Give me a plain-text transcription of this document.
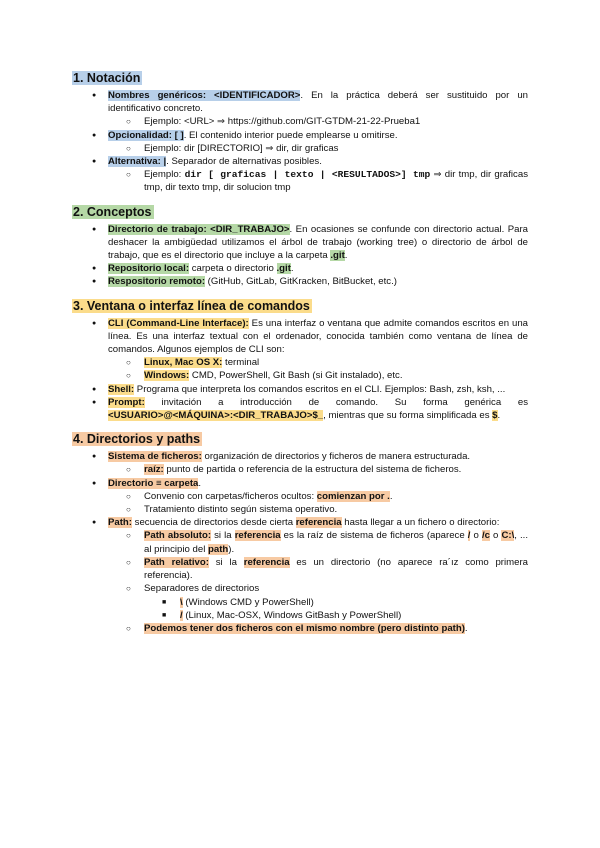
1. Notación
● Nombres genéricos: <IDENTIFICADOR>. En la práctica deberá ser sustituido por un identificativo concreto.
○ Ejemplo: <URL> ⇒ https://github.com/GIT-GTDM-21-22-Prueba1
● Opcionalidad: [ ]. El contenido interior puede emplearse u omitirse.
○ Ejemplo: dir [DIRECTORIO] ⇒ dir, dir graficas
● Alternativa: |. Separador de alternativas posibles.
○ Ejemplo: dir [ graficas | texto | <RESULTADOS>] tmp ⇒ dir tmp, dir graficas tmp, dir texto tmp, dir solucion tmp
2. Conceptos
● Directorio de trabajo: <DIR_TRABAJO>. En ocasiones se confunde con directorio actual. Para deshacer la ambigüedad utilizamos el árbol de trabajo (working tree) o directorio de árbol de trabajo, que es el directorio que incluye a la carpeta .git.
● Repositorio local: carpeta o directorio .git.
● Respositorio remoto: (GitHub, GitLab, GitKracken, BitBucket, etc.)
3. Ventana o interfaz línea de comandos
● CLI (Command-Line Interface): Es una interfaz o ventana que admite comandos escritos en una línea. Es una interfaz textual con el ordenador, conocida también como ventana de línea de comandos. Algunos ejemplos de CLI son:
○ Linux, Mac OS X: terminal
○ Windows: CMD, PowerShell, Git Bash (si Git instalado), etc.
● Shell: Programa que interpreta los comandos escritos en el CLI. Ejemplos: Bash, zsh, ksh, ...
● Prompt: invitación a introducción de comando. Su forma genérica es <USUARIO>@<MÁQUINA>:<DIR_TRABAJO>$_, mientras que su forma simplificada es $.
4. Directorios y paths
● Sistema de ficheros: organización de directorios y ficheros de manera estructurada.
○ raíz: punto de partida o referencia de la estructura del sistema de ficheros.
● Directorio ≡ carpeta.
○ Convenio con carpetas/ficheros ocultos: comienzan por ..
○ Tratamiento distinto según sistema operativo.
● Path: secuencia de directorios desde cierta referencia hasta llegar a un fichero o directorio:
○ Path absoluto: si la referencia es la raíz de sistema de ficheros (aparece / o /c o C:\, ... al principio del path).
○ Path relativo: si la referencia es un directorio (no aparece ra´ız como primera referencia).
○ Separadores de directorios
■ \ (Windows CMD y PowerShell)
■ / (Linux, Mac-OSX, Windows GitBash y PowerShell)
○ Podemos tener dos ficheros con el mismo nombre (pero distinto path).
